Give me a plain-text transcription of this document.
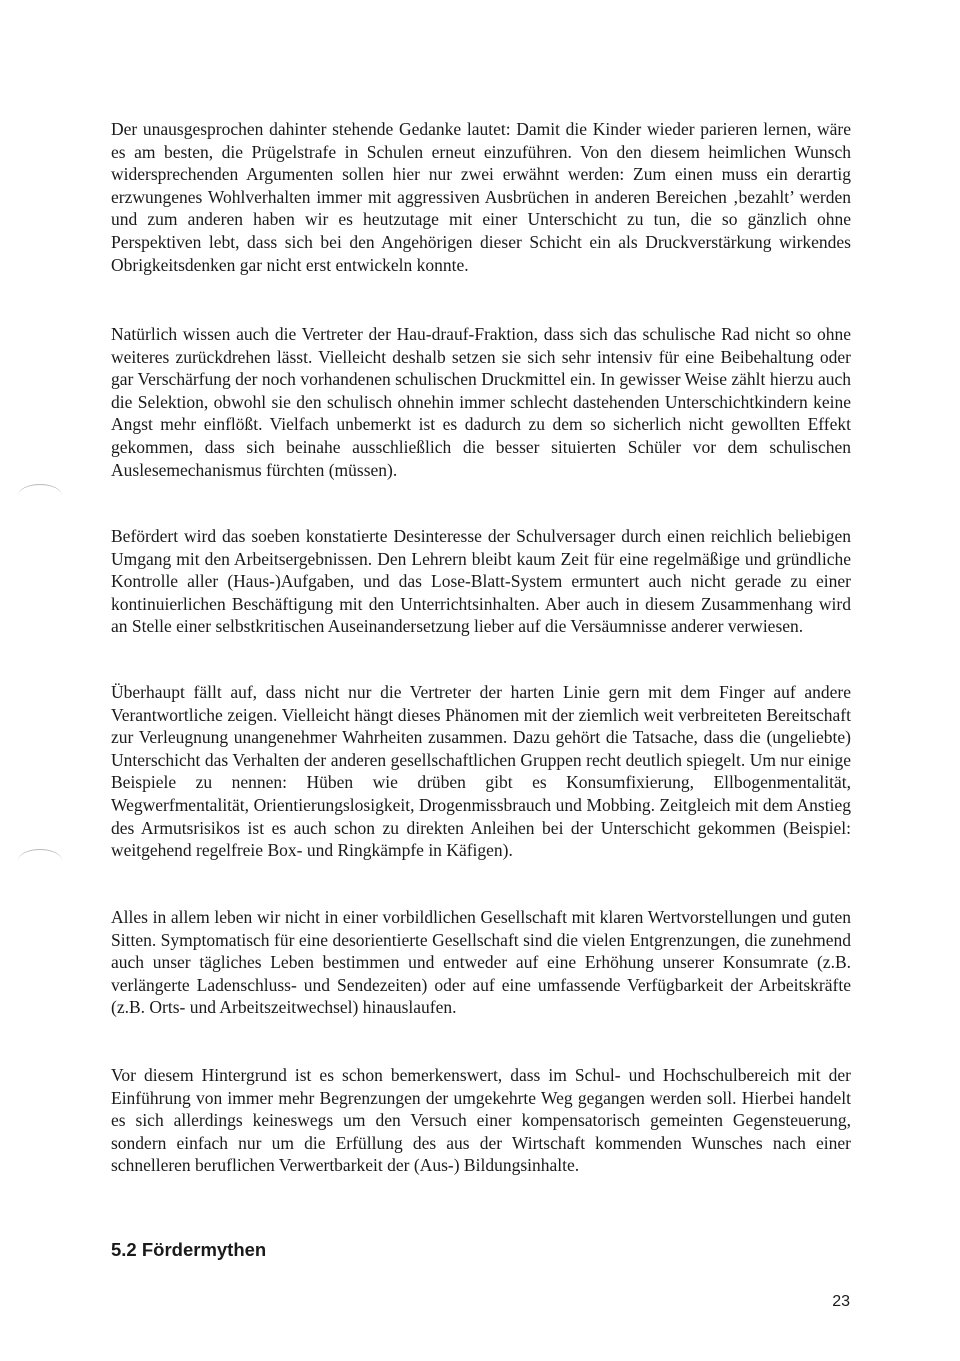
Der unausgesprochen dahinter stehende Gedanke lautet: Damit die Kinder wieder parieren lernen, wäre es am besten, die Prügelstrafe in Schulen erneut einzuführen. Von den diesem heimlichen Wunsch widersprechenden Argumenten sollen hier nur zwei erwähnt werden: Zum einen muss ein derartig erzwungenes Wohlverhalten immer mit aggressiven Ausbrüchen in anderen Bereichen ‚bezahlt’ werden und zum anderen haben wir es heutzutage mit einer Unterschicht zu tun, die so gänzlich ohne Perspektiven lebt, dass sich bei den Angehörigen dieser Schicht ein als Druckverstärkung wirkendes Obrigkeitsdenken gar nicht erst entwickeln konnte.

Natürlich wissen auch die Vertreter der Hau-drauf-Fraktion, dass sich das schulische Rad nicht so ohne weiteres zurückdrehen lässt. Vielleicht deshalb setzen sie sich sehr intensiv für eine Beibehaltung oder gar Verschärfung der noch vorhandenen schulischen Druckmittel ein. In gewisser Weise zählt hierzu auch die Selektion, obwohl sie den schulisch ohnehin immer schlecht dastehenden Unterschichtkindern keine Angst mehr einflößt. Vielfach unbemerkt ist es dadurch zu dem so sicherlich nicht gewollten Effekt gekommen, dass sich beinahe ausschließlich die besser situierten Schüler vor dem schulischen Auslesemechanismus fürchten (müssen).

Befördert wird das soeben konstatierte Desinteresse der Schulversager durch einen reichlich beliebigen Umgang mit den Arbeitsergebnissen. Den Lehrern bleibt kaum Zeit für eine regelmäßige und gründliche Kontrolle aller (Haus-)Aufgaben, und das Lose-Blatt-System ermuntert auch nicht gerade zu einer kontinuierlichen Beschäftigung mit den Unterrichtsinhalten. Aber auch in diesem Zusammenhang wird an Stelle einer selbstkritischen Auseinandersetzung lieber auf die Versäumnisse anderer verwiesen.

Überhaupt fällt auf, dass nicht nur die Vertreter der harten Linie gern mit dem Finger auf andere Verantwortliche zeigen. Vielleicht hängt dieses Phänomen mit der ziemlich weit verbreiteten Bereitschaft zur Verleugnung unangenehmer Wahrheiten zusammen. Dazu gehört die Tatsache, dass die (ungeliebte) Unterschicht das Verhalten der anderen gesellschaftlichen Gruppen recht deutlich spiegelt. Um nur einige Beispiele zu nennen: Hüben wie drüben gibt es Konsumfixierung, Ellbogenmentalität, Wegwerfmentalität, Orientierungslosigkeit, Drogenmissbrauch und Mobbing. Zeitgleich mit dem Anstieg des Armutsrisikos ist es auch schon zu direkten Anleihen bei der Unterschicht gekommen (Beispiel: weitgehend regelfreie Box- und Ringkämpfe in Käfigen).

Alles in allem leben wir nicht in einer vorbildlichen Gesellschaft mit klaren Wertvorstellungen und guten Sitten. Symptomatisch für eine desorientierte Gesellschaft sind die vielen Entgrenzungen, die zunehmend auch unser tägliches Leben bestimmen und entweder auf eine Erhöhung unserer Konsumrate (z.B. verlängerte Ladenschluss- und Sendezeiten) oder auf eine umfassende Verfügbarkeit der Arbeitskräfte (z.B. Orts- und Arbeitszeitwechsel) hinauslaufen.

Vor diesem Hintergrund ist es schon bemerkenswert, dass im Schul- und Hochschulbereich mit der Einführung von immer mehr Begrenzungen der umgekehrte Weg gegangen werden soll. Hierbei handelt es sich allerdings keineswegs um den Versuch einer kompensatorisch gemeinten Gegensteuerung, sondern einfach nur um die Erfüllung des aus der Wirtschaft kommenden Wunsches nach einer schnelleren beruflichen Verwertbarkeit der (Aus-) Bildungsinhalte.

5.2 Fördermythen
23
